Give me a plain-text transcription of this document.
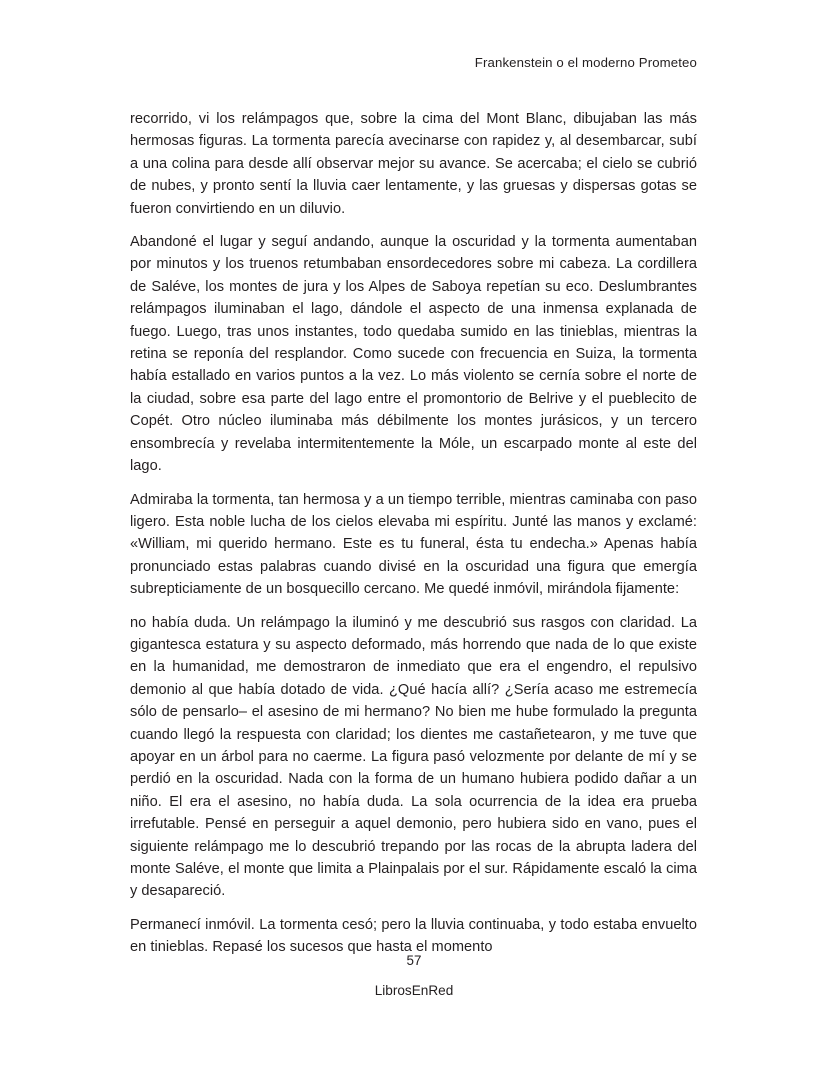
Frankenstein o el moderno Prometeo

recorrido, vi los relámpagos que, sobre la cima del Mont Blanc, dibujaban las más hermosas figuras. La tormenta parecía avecinarse con rapidez y, al desembarcar, subí a una colina para desde allí observar mejor su avance. Se acercaba; el cielo se cubrió de nubes, y pronto sentí la lluvia caer lentamente, y las gruesas y dispersas gotas se fueron convirtiendo en un diluvio.

Abandoné el lugar y seguí andando, aunque la oscuridad y la tormenta aumentaban por minutos y los truenos retumbaban ensordecedores sobre mi cabeza. La cordillera de Saléve, los montes de jura y los Alpes de Saboya repetían su eco. Deslumbrantes relámpagos iluminaban el lago, dándole el aspecto de una inmensa explanada de fuego. Luego, tras unos instantes, todo quedaba sumido en las tinieblas, mientras la retina se reponía del resplandor. Como sucede con frecuencia en Suiza, la tormenta había estallado en varios puntos a la vez. Lo más violento se cernía sobre el norte de la ciudad, sobre esa parte del lago entre el promontorio de Belrive y el pueblecito de Copét. Otro núcleo iluminaba más débilmente los montes jurásicos, y un tercero ensombrecía y revelaba intermitentemente la Móle, un escarpado monte al este del lago.

Admiraba la tormenta, tan hermosa y a un tiempo terrible, mientras caminaba con paso ligero. Esta noble lucha de los cielos elevaba mi espíritu. Junté las manos y exclamé: «William, mi querido hermano. Este es tu funeral, ésta tu endecha.» Apenas había pronunciado estas palabras cuando divisé en la oscuridad una figura que emergía subrepticiamente de un bosquecillo cercano. Me quedé inmóvil, mirándola fijamente:

no había duda. Un relámpago la iluminó y me descubrió sus rasgos con claridad. La gigantesca estatura y su aspecto deformado, más horrendo que nada de lo que existe en la humanidad, me demostraron de inmediato que era el engendro, el repulsivo demonio al que había dotado de vida. ¿Qué hacía allí? ¿Sería acaso me estremecía sólo de pensarlo– el asesino de mi hermano? No bien me hube formulado la pregunta cuando llegó la respuesta con claridad; los dientes me castañetearon, y me tuve que apoyar en un árbol para no caerme. La figura pasó velozmente por delante de mí y se perdió en la oscuridad. Nada con la forma de un humano hubiera podido dañar a un niño. El era el asesino, no había duda. La sola ocurrencia de la idea era prueba irrefutable. Pensé en perseguir a aquel demonio, pero hubiera sido en vano, pues el siguiente relámpago me lo descubrió trepando por las rocas de la abrupta ladera del monte Saléve, el monte que limita a Plainpalais por el sur. Rápidamente escaló la cima y desapareció.

Permanecí inmóvil. La tormenta cesó; pero la lluvia continuaba, y todo estaba envuelto en tinieblas. Repasé los sucesos que hasta el momento

57
LibrosEnRed
